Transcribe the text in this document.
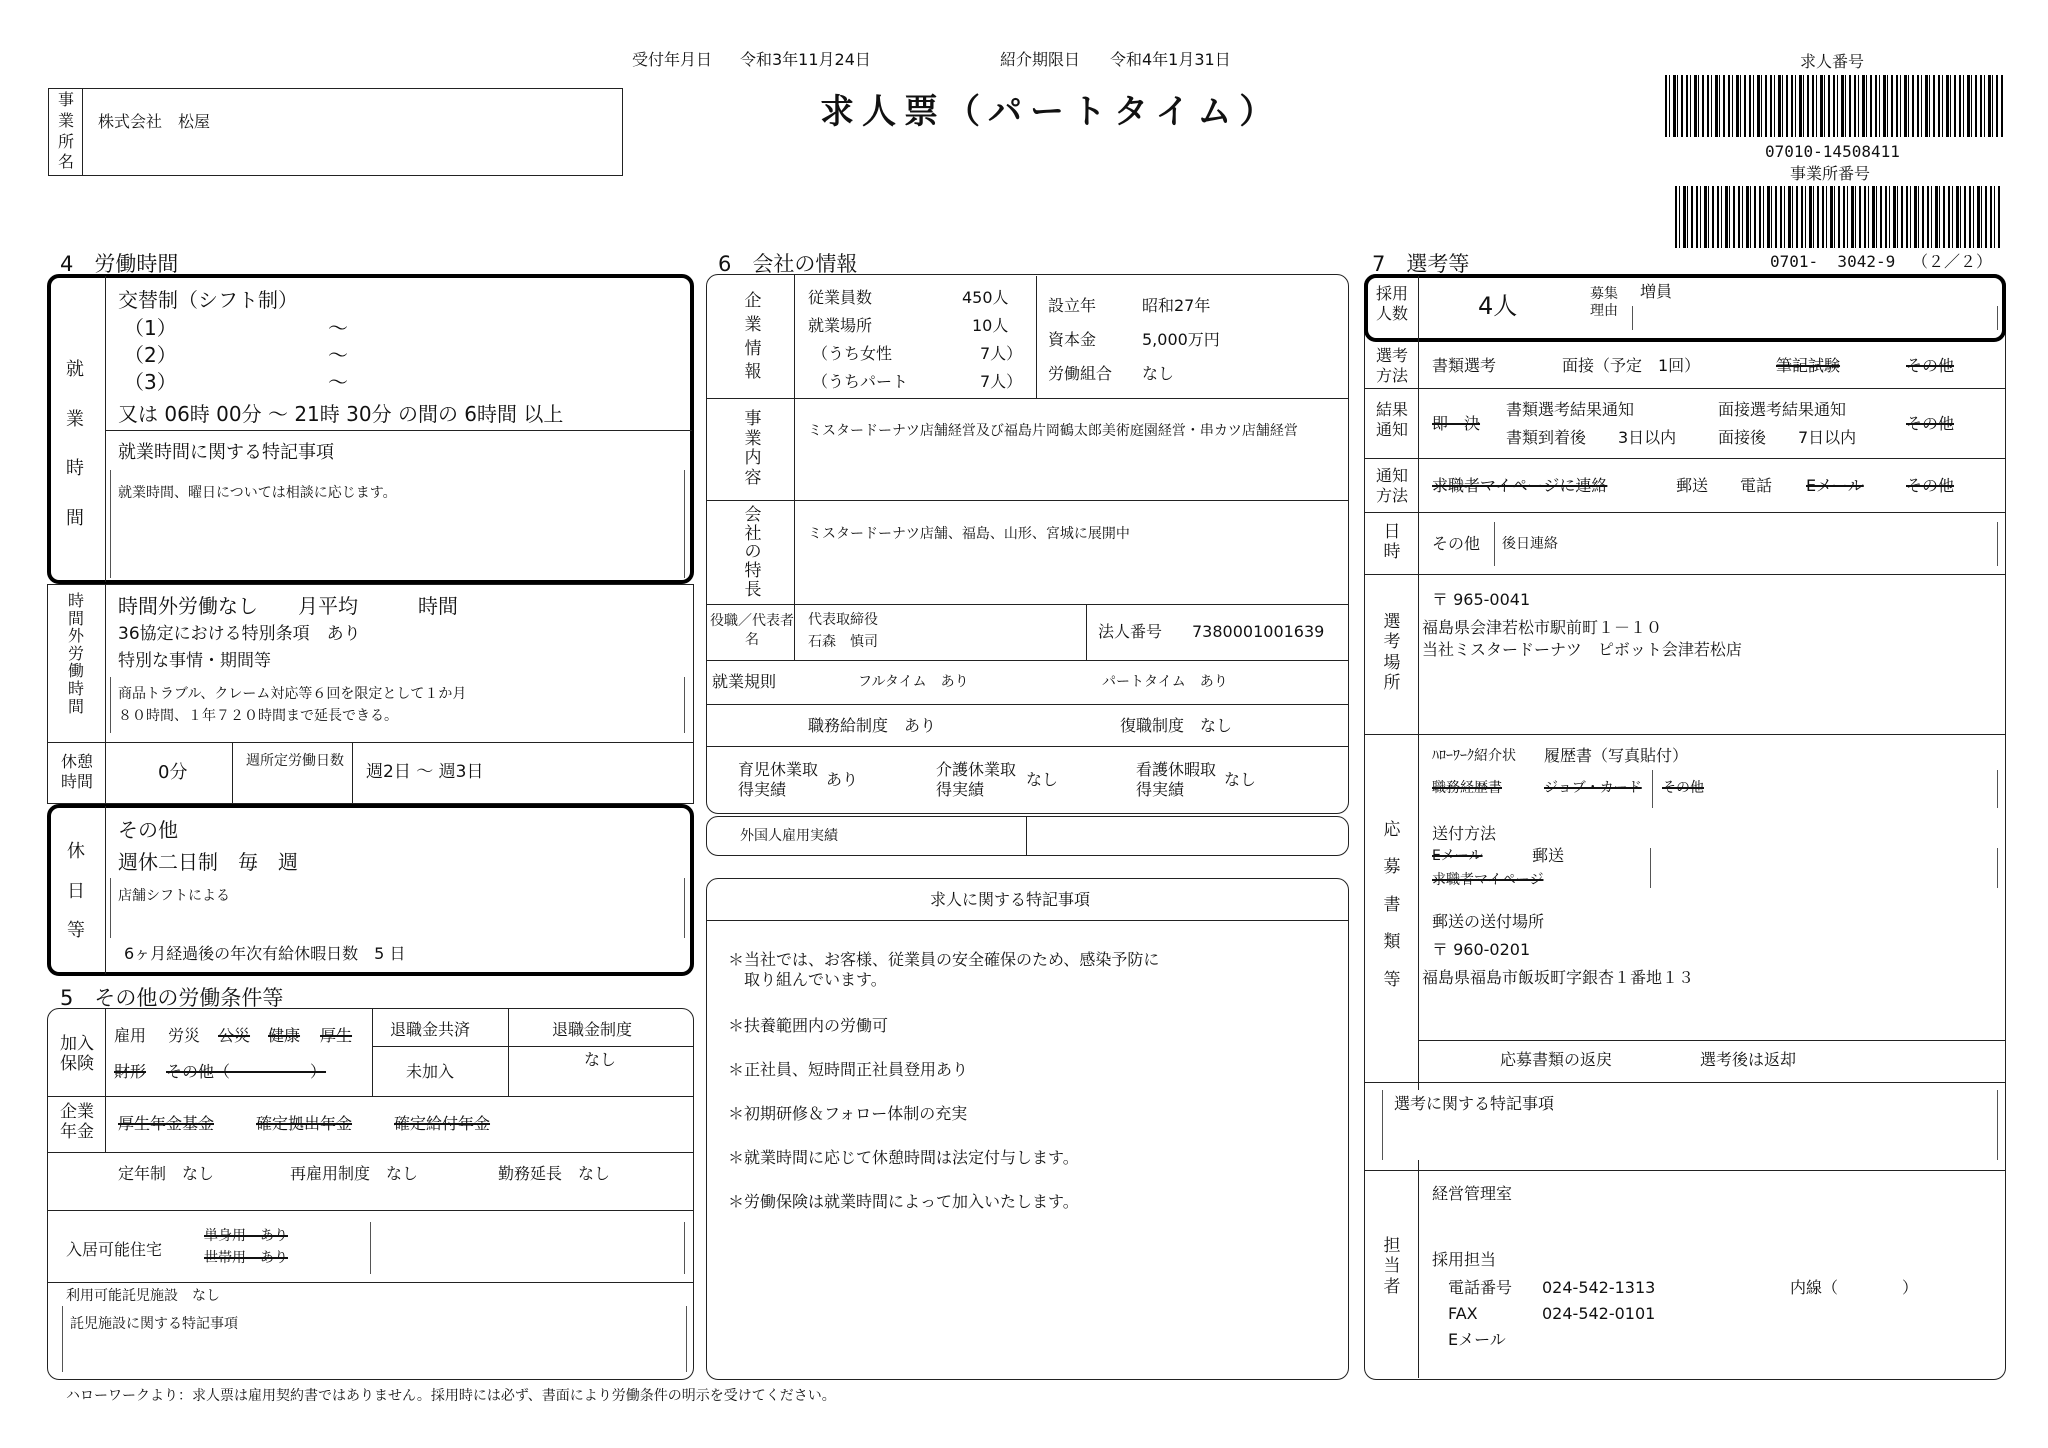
受付年月日 令和3年11月24日	紹介期限日 令和4年1月31日
求人票（パートタイム）
求人番号
07010-14508411
事業所番号
0701-  3042-9 （２／２）
事
業
所
名
株式会社　松屋
4　労働時間
就
業
時
間
交替制（シフト制）
（1）	～
（2）	～
（3）	～
又は 06時 00分 ～ 21時 30分 の間の 6時間 以上
就業時間に関する特記事項
就業時間、曜日については相談に応じます。
時
間
外
労
働
時
間
時間外労働なし　　月平均　　　時間
36協定における特別条項　あり
特別な事情・期間等
商品トラブル、クレーム対応等６回を限定として１か月
８０時間、１年７２０時間まで延長できる。
休憩
時間	0分
週所定労働日数
週2日 ～ 週3日
休
日
等
その他
週休二日制　毎　週
店舗シフトによる
6ヶ月経過後の年次有給休暇日数　5 日
5　その他の労働条件等
加入
保険
雇用 労災 公災 健康 厚生
財形 その他（　　　　　）
退職金共済
未加入
退職金制度
なし
企業
年金	厚生年金基金	確定拠出年金	確定給付年金
定年制　なし	再雇用制度　なし	勤務延長　なし
入居可能住宅
単身用　あり
世帯用　あり
利用可能託児施設　なし
託児施設に関する特記事項
ハローワークより：求人票は雇用契約書ではありません。採用時には必ず、書面により労働条件の明示を受けてください。
6　会社の情報
企
業
情
報
従業員数	450人
就業場所	10人
（うち女性	7人）
（うちパート	7人）
設立年	昭和27年
資本金	5,000万円
労働組合 なし
事
業
内
容
ミスタードーナツ店舗経営及び福島片岡鶴太郎美術庭園経営・串カツ店舗経営
会
社
の
特
長
ミスタードーナツ店舗、福島、山形、宮城に展開中
役職／代表者名
代表取締役
石森　慎司
法人番号 7380001001639
就業規則	フルタイム　あり	パートタイム　あり
職務給制度　あり	復職制度　なし
育児休業取得実績
あり
介護休業取得実績
なし
看護休暇取得実績
なし
外国人雇用実績
求人に関する特記事項
＊当社では、お客様、従業員の安全確保のため、感染予防に
　取り組んでいます。
＊扶養範囲内の労働可
＊正社員、短時間正社員登用あり
＊初期研修＆フォロー体制の充実
＊就業時間に応じて休憩時間は法定付与します。
＊労働保険は就業時間によって加入いたします。
7　選考等
採用
人数	4人	募集理由
増員
選考
方法
書類選考	面接（予定　1回）	筆記試験	その他
結果
通知	即　決
書類選考結果通知
書類到着後　　3日以内
面接選考結果通知
面接後　　7日以内
その他
通知
方法
求職者マイページに連絡	郵送 電話 Eメール	その他
日
時	その他 後日連絡
選
考
場
所
〒 965-0041
福島県会津若松市駅前町１－１０
当社ミスタードーナツ　ピボット会津若松店
応
募
書
類
等
ﾊﾛｰﾜｰｸ紹介状 履歴書（写真貼付）
職務経歴書	ジョブ・カード その他
送付方法
Eメール	郵送
求職者マイページ
郵送の送付場所
〒 960-0201
福島県福島市飯坂町字銀杏１番地１３
応募書類の返戻	選考後は返却
選考に関する特記事項
担
当
者
経営管理室
採用担当
電話番号 024-542-1313	内線（　　　　）
FAX	024-542-0101
Eメール
